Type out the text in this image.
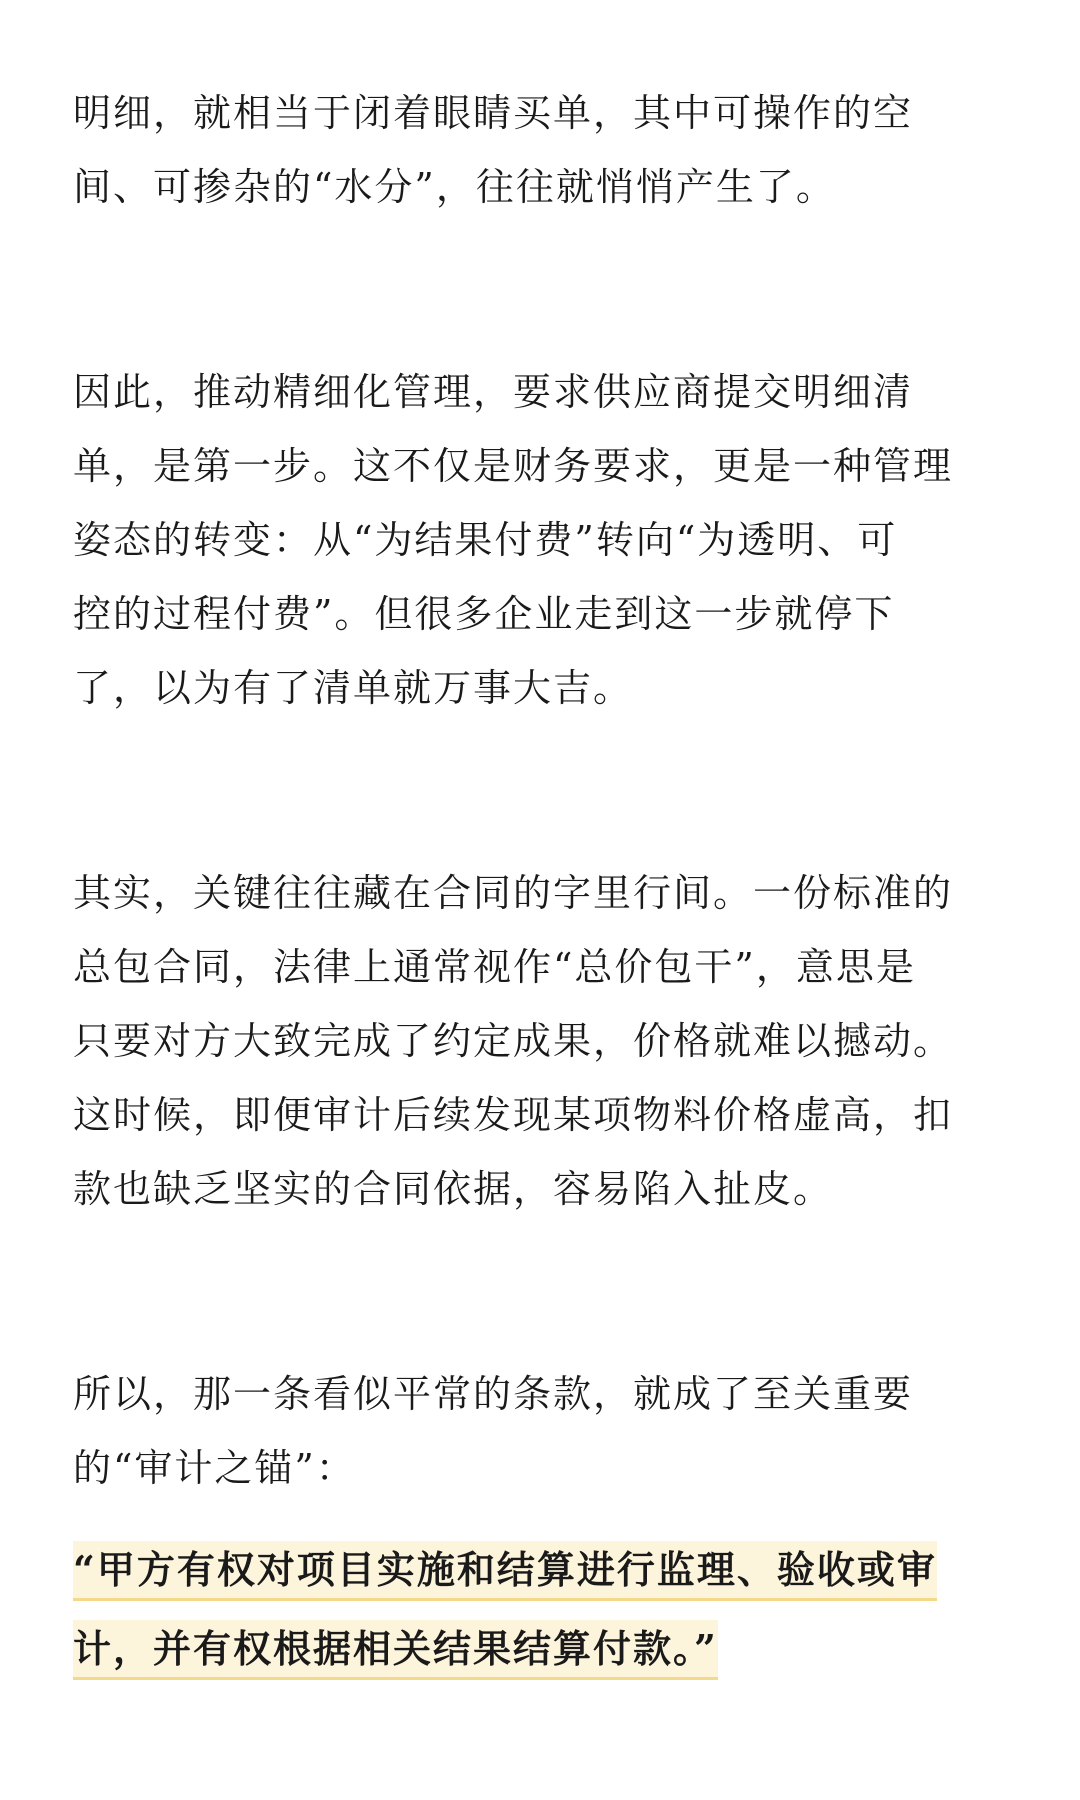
明细，就相当于闭着眼睛买单，其中可操作的空
间、可掺杂的“水分”，往往就悄悄产生了。
因此，推动精细化管理，要求供应商提交明细清
单，是第一步。这不仅是财务要求，更是一种管理
姿态的转变：从“为结果付费”转向“为透明、可
控的过程付费”。但很多企业走到这一步就停下
了，以为有了清单就万事大吉。
其实，关键往往藏在合同的字里行间。一份标准的
总包合同，法律上通常视作“总价包干”，意思是
只要对方大致完成了约定成果，价格就难以撼动。
这时候，即便审计后续发现某项物料价格虚高，扣
款也缺乏坚实的合同依据，容易陷入扯皮。
所以，那一条看似平常的条款，就成了至关重要
的“审计之锚”：
“甲方有权对项目实施和结算进行监理、验收或审
计，并有权根据相关结果结算付款。”
